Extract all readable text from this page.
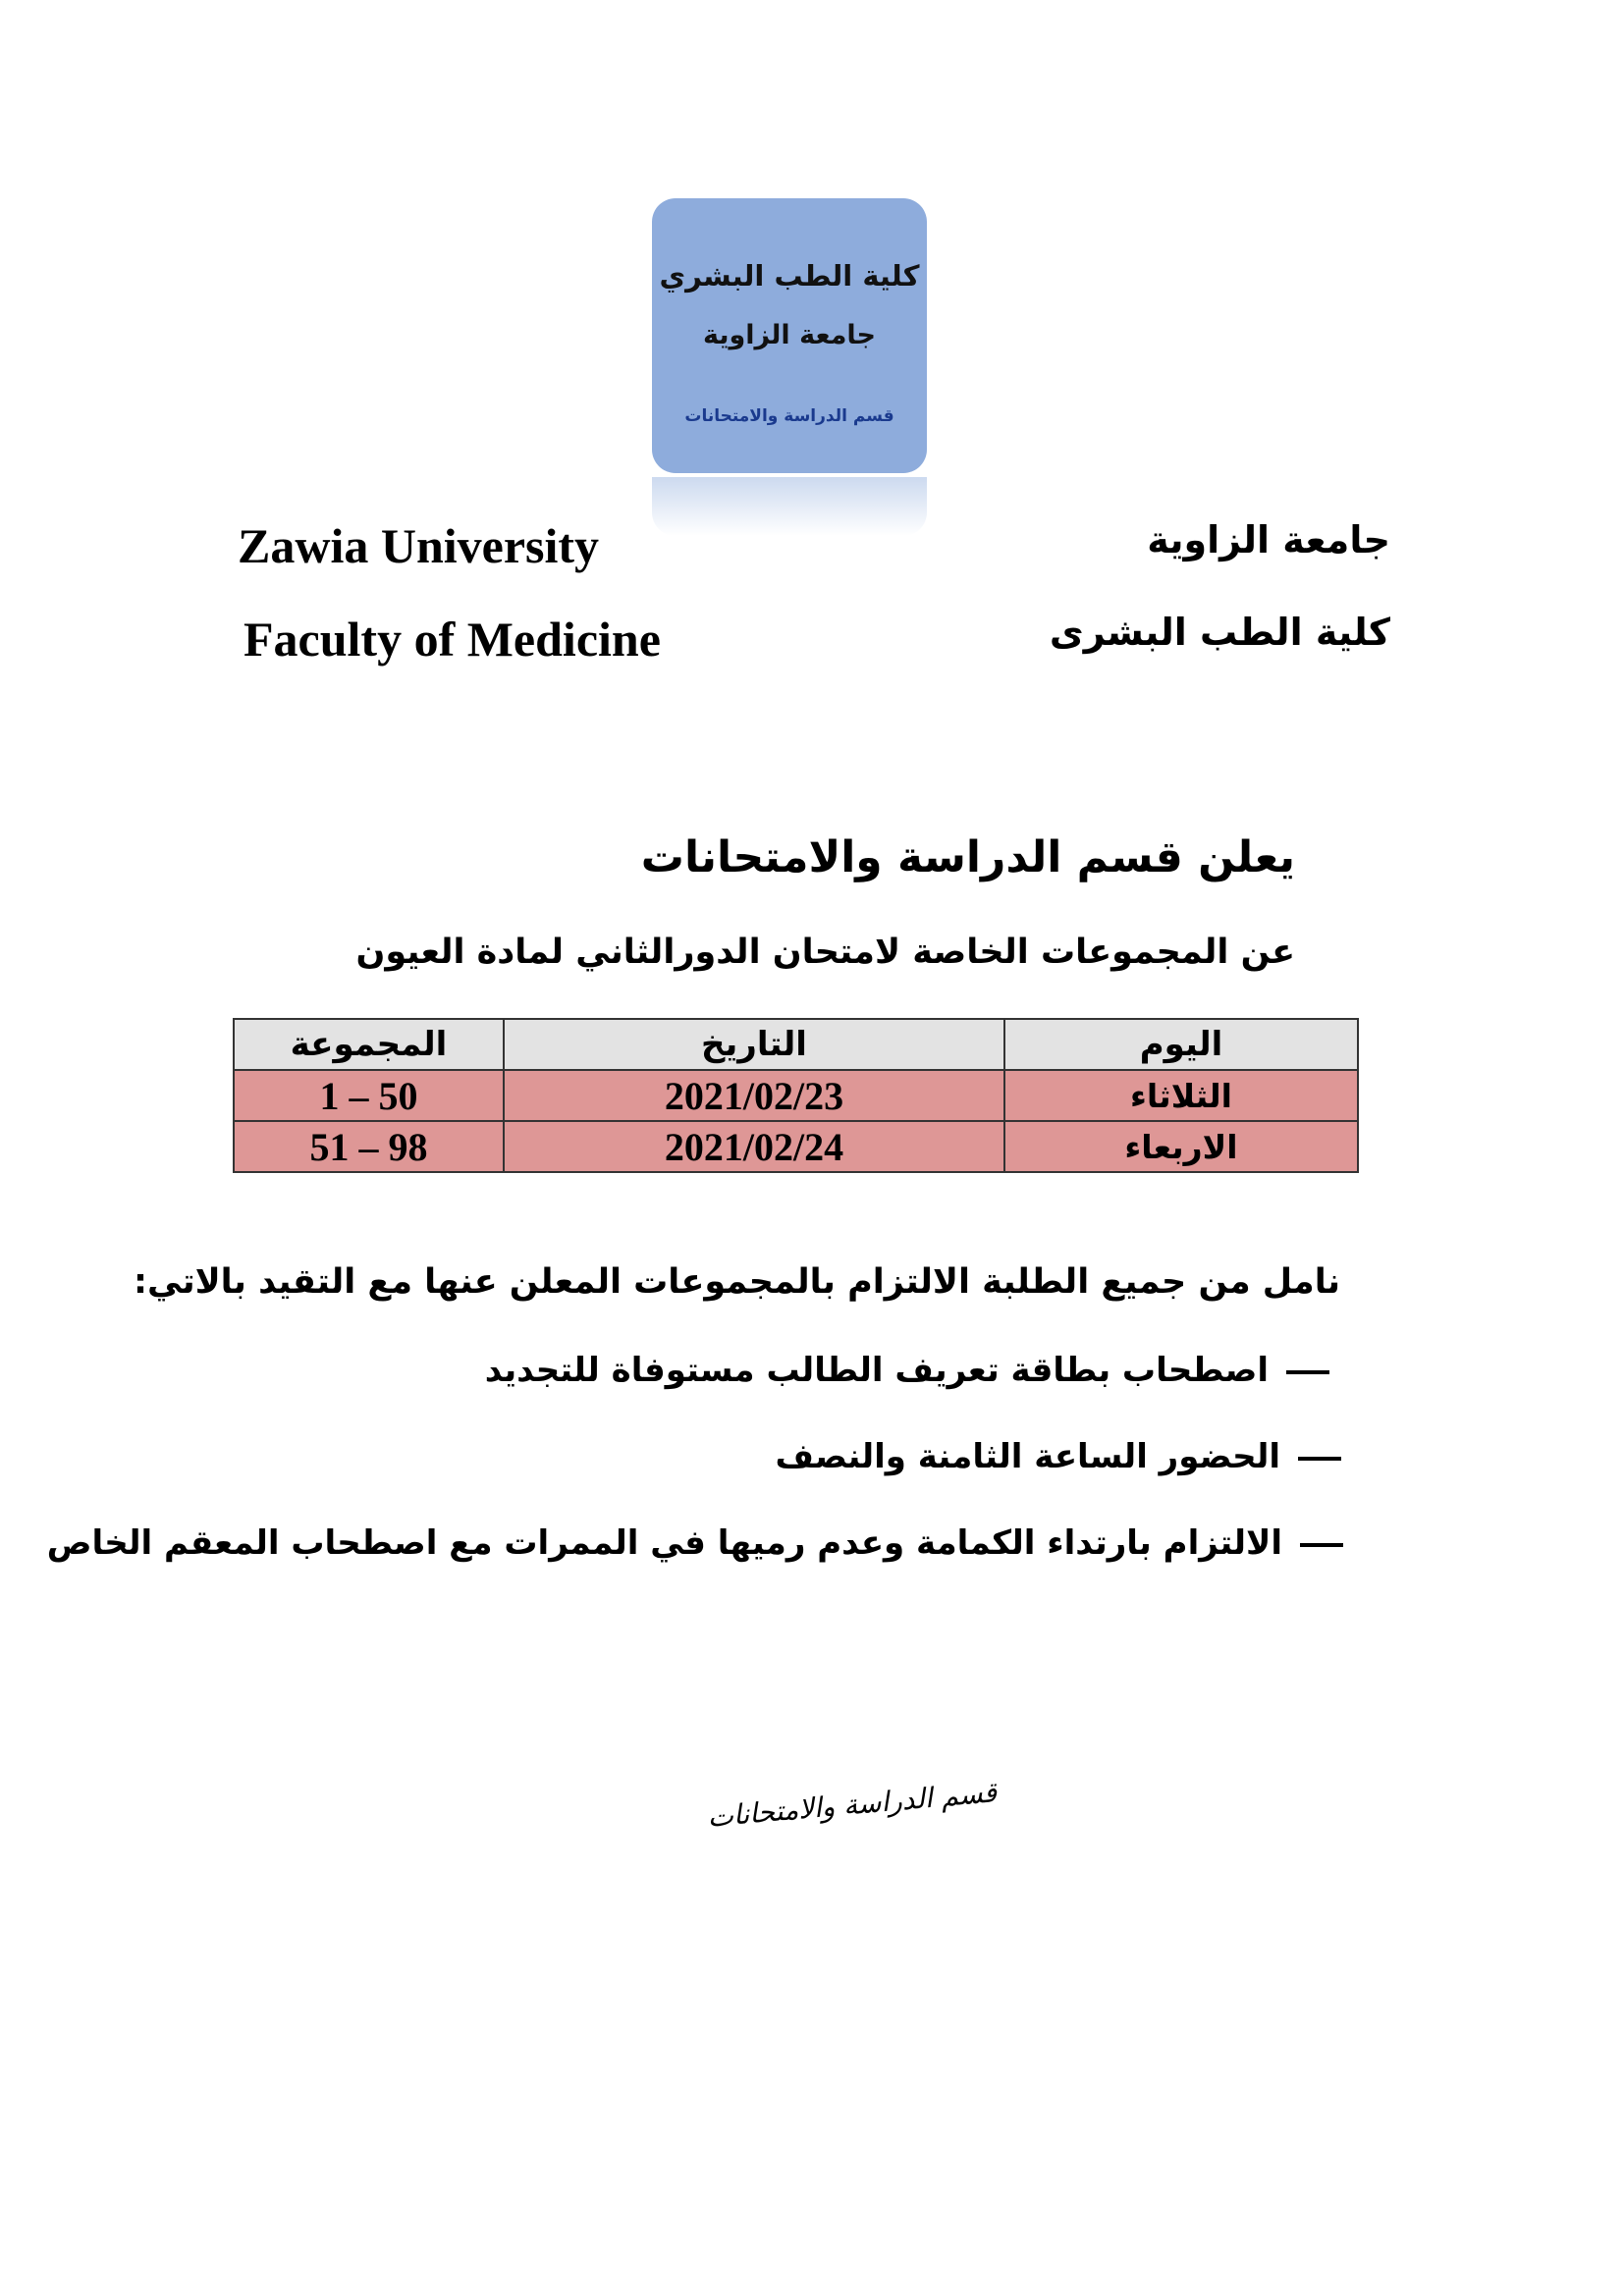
كلية الطب البشري
جامعة الزاوية
قسم الدراسة والامتحانات
Zawia University
Faculty of Medicine
جامعة الزاوية
كلية الطب البشرى
يعلن قسم الدراسة والامتحانات
عن المجموعات الخاصة لامتحان الدورالثاني لمادة العيون
المجموعة	التاريخ	اليوم
1 – 50	2021/02/23	الثلاثاء
51 – 98	2021/02/24	الاربعاء
نامل من جميع الطلبة الالتزام بالمجموعات المعلن عنها مع التقيد بالاتي:
اصطحاب بطاقة تعريف الطالب مستوفاة للتجديد
الحضور الساعة الثامنة والنصف
الالتزام بارتداء الكمامة وعدم رميها في الممرات مع اصطحاب المعقم الخاص
قسم الدراسة والامتحانات
